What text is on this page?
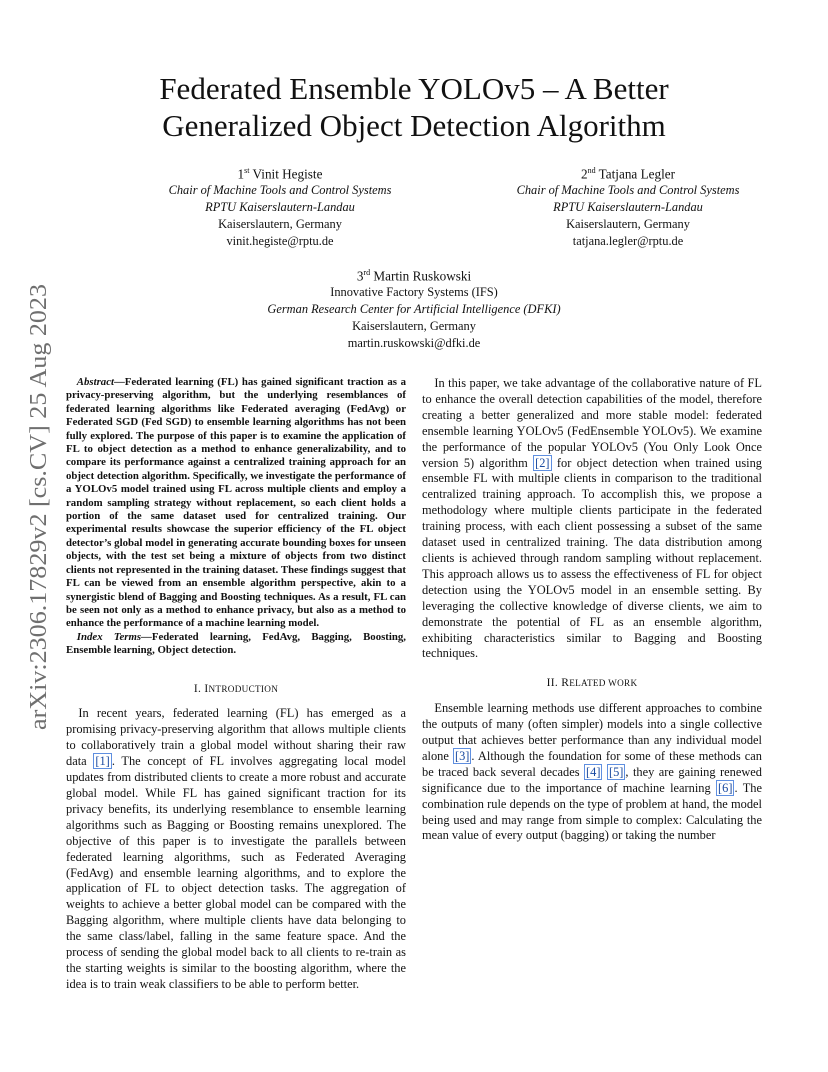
arXiv:2306.17829v2 [cs.CV] 25 Aug 2023
Federated Ensemble YOLOv5 – A Better
Generalized Object Detection Algorithm
1st Vinit Hegiste
Chair of Machine Tools and Control Systems
RPTU Kaiserslautern-Landau
Kaiserslautern, Germany
vinit.hegiste@rptu.de
2nd Tatjana Legler
Chair of Machine Tools and Control Systems
RPTU Kaiserslautern-Landau
Kaiserslautern, Germany
tatjana.legler@rptu.de
3rd Martin Ruskowski
Innovative Factory Systems (IFS)
German Research Center for Artificial Intelligence (DFKI)
Kaiserslautern, Germany
martin.ruskowski@dfki.de

Abstract—Federated learning (FL) has gained significant traction as a privacy-preserving algorithm, but the underlying resemblances of federated learning algorithms like Federated averaging (FedAvg) or Federated SGD (Fed SGD) to ensemble learning algorithms has not been fully explored. The purpose of this paper is to examine the application of FL to object detection as a method to enhance generalizability, and to compare its performance against a centralized training approach for an object detection algorithm. Specifically, we investigate the performance of a YOLOv5 model trained using FL across multiple clients and employ a random sampling strategy without replacement, so each client holds a portion of the same dataset used for centralized training. Our experimental results showcase the superior efficiency of the FL object detector’s global model in generating accurate bounding boxes for unseen objects, with the test set being a mixture of objects from two distinct clients not represented in the training dataset. These findings suggest that FL can be viewed from an ensemble algorithm perspective, akin to a synergistic blend of Bagging and Boosting techniques. As a result, FL can be seen not only as a method to enhance privacy, but also as a method to enhance the performance of a machine learning model.

Index Terms—Federated learning, FedAvg, Bagging, Boosting, Ensemble learning, Object detection.

I. INTRODUCTION

In recent years, federated learning (FL) has emerged as a promising privacy-preserving algorithm that allows multiple clients to collaboratively train a global model without sharing their raw data [1] . The concept of FL involves aggregating local model updates from distributed clients to create a more robust and accurate global model. While FL has gained significant traction for its privacy benefits, its underlying resemblance to ensemble learning algorithms such as Bagging or Boosting remains unexplored. The objective of this paper is to investigate the parallels between federated learning algorithms, such as Federated Averaging (FedAvg) and ensemble learning algorithms, and to explore the application of FL to object detection tasks. The aggregation of weights to achieve a better global model can be compared with the Bagging algorithm, where multiple clients have data belonging to the same class/label, falling in the same feature space. And the process of sending the global model back to all clients to re-train as the starting weights is similar to the boosting algorithm, where the idea is to train weak classifiers to be able to perform better.

In this paper, we take advantage of the collaborative nature of FL to enhance the overall detection capabilities of the model, therefore creating a better generalized and more stable model: federated ensemble learning YOLOv5 (FedEnsemble YOLOv5). We examine the performance of the popular YOLOv5 (You Only Look Once version 5) algorithm [2] for object detection when trained using ensemble FL with multiple clients in comparison to the traditional centralized training approach. To accomplish this, we propose a methodology where multiple clients participate in the federated training process, with each client possessing a subset of the same dataset used in centralized training. The data distribution among clients is achieved through random sampling without replacement. This approach allows us to assess the effectiveness of FL for object detection using the YOLOv5 model in an ensemble setting. By leveraging the collective knowledge of diverse clients, we aim to demonstrate the potential of FL as an ensemble algorithm, exhibiting characteristics similar to Bagging and Boosting techniques.

II. RELATED WORK

Ensemble learning methods use different approaches to combine the outputs of many (often simpler) models into a single collective output that achieves better performance than any individual model alone [3] . Although the foundation for some of these methods can be traced back several decades [4] [5] , they are gaining renewed significance due to the importance of machine learning [6] . The combination rule depends on the type of problem at hand, the model being used and may range from simple to complex: Calculating the mean value of every output (bagging) or taking the number
